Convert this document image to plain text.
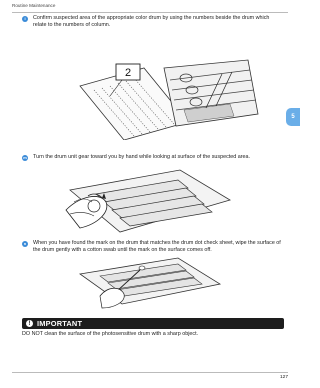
Routine Maintenance
5
l	Confirm suspected area of the appropriate color drum by using the numbers beside the drum which relate to the numbers of column.
2
m Turn the drum unit gear toward you by hand while looking at surface of the suspected area.
n	When you have found the mark on the drum that matches the drum dot check sheet, wipe the surface of the drum gently with a cotton swab until the mark on the surface comes off.
! IMPORTANT
DO NOT clean the surface of the photosensitive drum with a sharp object.
127
